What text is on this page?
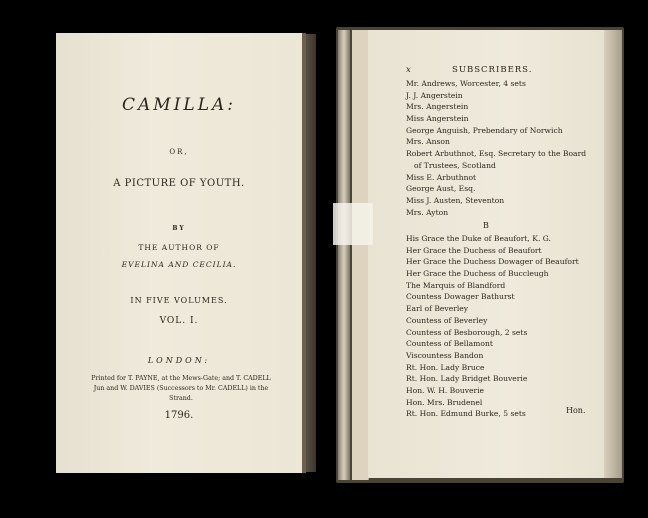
CAMILLA:
OR,
A PICTURE OF YOUTH.
BY
THE AUTHOR OF
EVELINA AND CECILIA.
IN FIVE VOLUMES.
VOL. I.
LONDON:
Printed for T. PAYNE, at the Mews-Gate; and T. CADELL Jun and W. DAVIES (Successors to Mr. CADELL) in the Strand.
1796.
x	SUBSCRIBERS.
Mr. Andrews, Worcester, 4 sets
J. J. Angerstein
Mrs. Angerstein
Miss Angerstein
George Anguish, Prebendary of Norwich
Mrs. Anson
Robert Arbuthnot, Esq. Secretary to the Board
of Trustees, Scotland
Miss E. Arbuthnot
George Aust, Esq.
Miss J. Austen, Steventon
Mrs. Ayton
B
His Grace the Duke of Beaufort, K. G.
Her Grace the Duchess of Beaufort
Her Grace the Duchess Dowager of Beaufort
Her Grace the Duchess of Buccleugh
The Marquis of Blandford
Countess Dowager Bathurst
Earl of Beverley
Countess of Beverley
Countess of Besborough, 2 sets
Countess of Bellamont
Viscountess Bandon
Rt. Hon. Lady Bruce
Rt. Hon. Lady Bridget Bouverie
Hon. W. H. Bouverie
Hon. Mrs. Brudenel
Rt. Hon. Edmund Burke, 5 sets	Hon.
